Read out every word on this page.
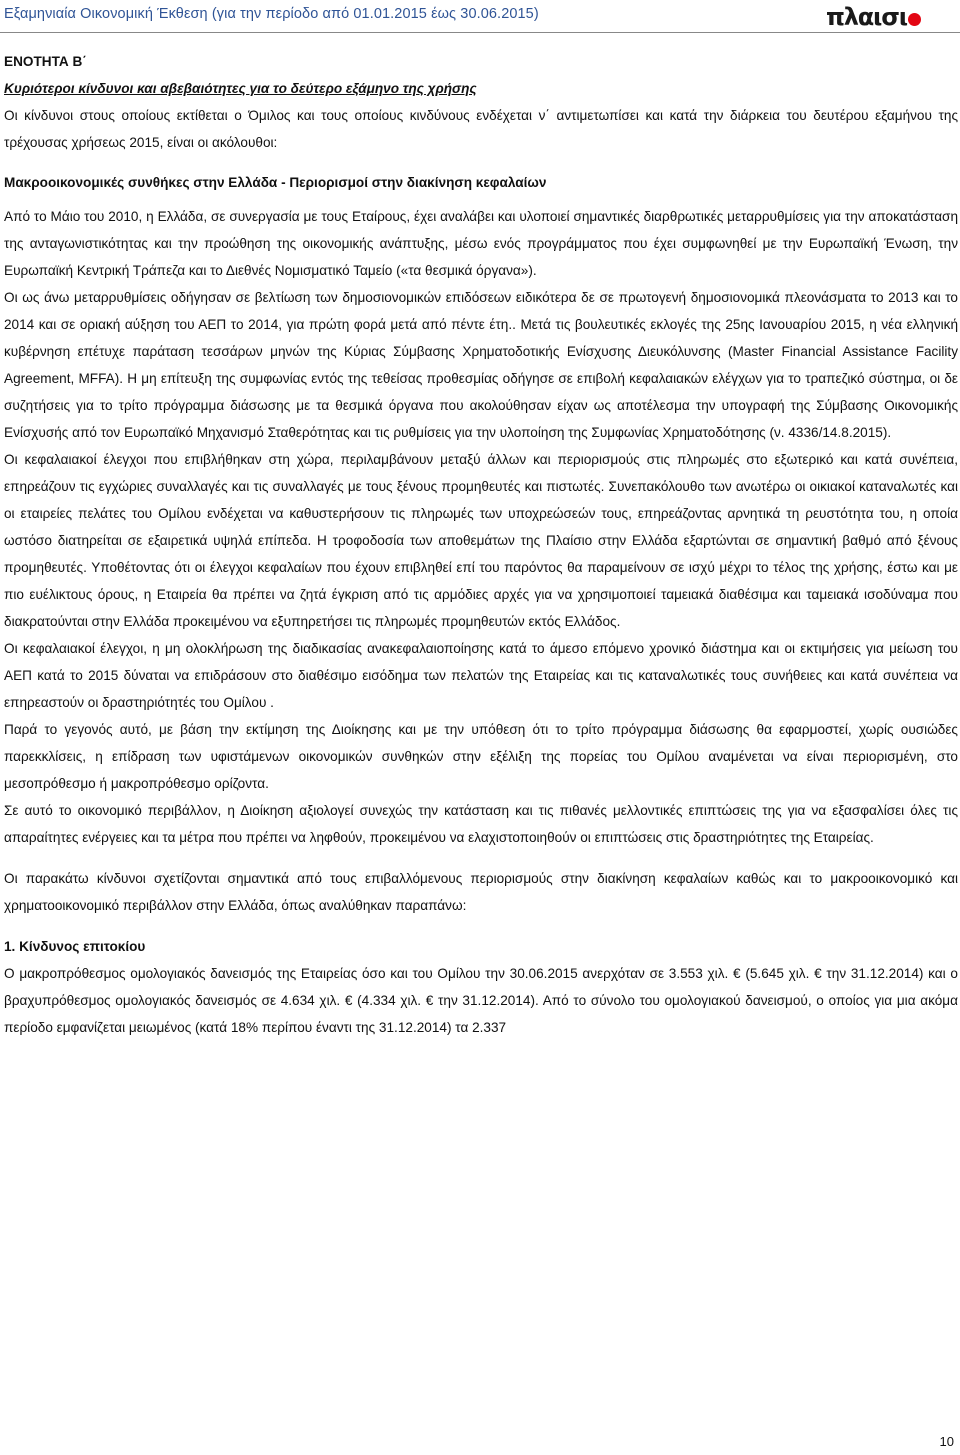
Εξαμηνιαία Οικονομική Έκθεση (για την περίοδο από 01.01.2015 έως 30.06.2015)	πλαισι

ΕΝΟΤΗΤΑ Β΄

Κυριότεροι κίνδυνοι και αβεβαιότητες για το δεύτερο εξάμηνο της χρήσης

Οι κίνδυνοι στους οποίους εκτίθεται ο Όμιλος και τους οποίους κινδύνους ενδέχεται ν΄ αντιμετωπίσει και κατά την διάρκεια του δευτέρου εξαμήνου της τρέχουσας χρήσεως 2015, είναι οι ακόλουθοι:

Μακροοικονομικές συνθήκες στην Ελλάδα - Περιορισμοί στην διακίνηση κεφαλαίων

Από το Μάιο του 2010, η Ελλάδα, σε συνεργασία με τους Εταίρους, έχει αναλάβει και υλοποιεί σημαντικές διαρθρωτικές μεταρρυθμίσεις για την αποκατάσταση της ανταγωνιστικότητας και την προώθηση της οικονομικής ανάπτυξης, μέσω ενός προγράμματος που έχει συμφωνηθεί με την Ευρωπαϊκή Ένωση, την Ευρωπαϊκή Κεντρική Τράπεζα και το Διεθνές Νομισματικό Ταμείο («τα θεσμικά όργανα»).

Οι ως άνω μεταρρυθμίσεις οδήγησαν σε βελτίωση των δημοσιονομικών επιδόσεων ειδικότερα δε σε πρωτογενή δημοσιονομικά πλεονάσματα το 2013 και το 2014 και σε οριακή αύξηση του ΑΕΠ το 2014, για πρώτη φορά μετά από πέντε έτη.. Μετά τις βουλευτικές εκλογές της 25ης Ιανουαρίου 2015, η νέα ελληνική κυβέρνηση επέτυχε παράταση τεσσάρων μηνών της Κύριας Σύμβασης Χρηματοδοτικής Ενίσχυσης Διευκόλυνσης (Master Financial Assistance Facility Agreement, MFFA). Η μη επίτευξη της συμφωνίας εντός της τεθείσας προθεσμίας οδήγησε σε επιβολή κεφαλαιακών ελέγχων για το τραπεζικό σύστημα, οι δε συζητήσεις για το τρίτο πρόγραμμα διάσωσης με τα θεσμικά όργανα που ακολούθησαν είχαν ως αποτέλεσμα την υπογραφή της Σύμβασης Οικονομικής Ενίσχυσής από τον Ευρωπαϊκό Μηχανισμό Σταθερότητας και τις ρυθμίσεις για την υλοποίηση της Συμφωνίας Χρηματοδότησης (ν. 4336/14.8.2015).

Οι κεφαλαιακοί έλεγχοι που επιβλήθηκαν στη χώρα, περιλαμβάνουν μεταξύ άλλων και περιορισμούς στις πληρωμές στο εξωτερικό και κατά συνέπεια, επηρεάζουν τις εγχώριες συναλλαγές και τις συναλλαγές με τους ξένους προμηθευτές και πιστωτές. Συνεπακόλουθο των ανωτέρω οι οικιακοί καταναλωτές και οι εταιρείες πελάτες του Ομίλου ενδέχεται να καθυστερήσουν τις πληρωμές των υποχρεώσεών τους, επηρεάζοντας αρνητικά τη ρευστότητα του, η οποία ωστόσο διατηρείται σε εξαιρετικά υψηλά επίπεδα. Η τροφοδοσία των αποθεμάτων της Πλαίσιο στην Ελλάδα εξαρτώνται σε σημαντική βαθμό από ξένους προμηθευτές. Υποθέτοντας ότι οι έλεγχοι κεφαλαίων που έχουν επιβληθεί επί του παρόντος θα παραμείνουν σε ισχύ μέχρι το τέλος της χρήσης, έστω και με πιο ευέλικτους όρους, η Εταιρεία θα πρέπει να ζητά έγκριση από τις αρμόδιες αρχές για να χρησιμοποιεί ταμειακά διαθέσιμα και ταμειακά ισοδύναμα που διακρατούνται στην Ελλάδα προκειμένου να εξυπηρετήσει τις πληρωμές προμηθευτών εκτός Ελλάδος.

Οι κεφαλαιακοί έλεγχοι, η μη ολοκλήρωση της διαδικασίας ανακεφαλαιοποίησης κατά το άμεσο επόμενο χρονικό διάστημα και οι εκτιμήσεις για μείωση του ΑΕΠ κατά το 2015 δύναται να επιδράσουν στο διαθέσιμο εισόδημα των πελατών της Εταιρείας και τις καταναλωτικές τους συνήθειες και κατά συνέπεια να επηρεαστούν οι δραστηριότητές του Ομίλου .

Παρά το γεγονός αυτό, με βάση την εκτίμηση της Διοίκησης και με την υπόθεση ότι το τρίτο πρόγραμμα διάσωσης θα εφαρμοστεί, χωρίς ουσιώδες παρεκκλίσεις, η επίδραση των υφιστάμενων οικονομικών συνθηκών στην εξέλιξη της πορείας του Ομίλου αναμένεται να είναι περιορισμένη, στο μεσοπρόθεσμο ή μακροπρόθεσμο ορίζοντα.

Σε αυτό το οικονομικό περιβάλλον, η Διοίκηση αξιολογεί συνεχώς την κατάσταση και τις πιθανές μελλοντικές επιπτώσεις της για να εξασφαλίσει όλες τις απαραίτητες ενέργειες και τα μέτρα που πρέπει να ληφθούν, προκειμένου να ελαχιστοποιηθούν οι επιπτώσεις στις δραστηριότητες της Εταιρείας.

Οι παρακάτω κίνδυνοι σχετίζονται σημαντικά από τους επιβαλλόμενους περιορισμούς στην διακίνηση κεφαλαίων καθώς και το μακροοικονομικό και χρηματοοικονομικό περιβάλλον στην Ελλάδα, όπως αναλύθηκαν παραπάνω:

1. Κίνδυνος επιτοκίου

Ο μακροπρόθεσμος ομολογιακός δανεισμός της Εταιρείας όσο και του Ομίλου την 30.06.2015 ανερχόταν σε 3.553 χιλ. € (5.645 χιλ. € την 31.12.2014) και ο βραχυπρόθεσμος ομολογιακός δανεισμός σε 4.634 χιλ. € (4.334 χιλ. € την 31.12.2014). Από το σύνολο του ομολογιακού δανεισμού, ο οποίος για μια ακόμα περίοδο εμφανίζεται μειωμένος (κατά 18% περίπου έναντι της 31.12.2014) τα 2.337

10
